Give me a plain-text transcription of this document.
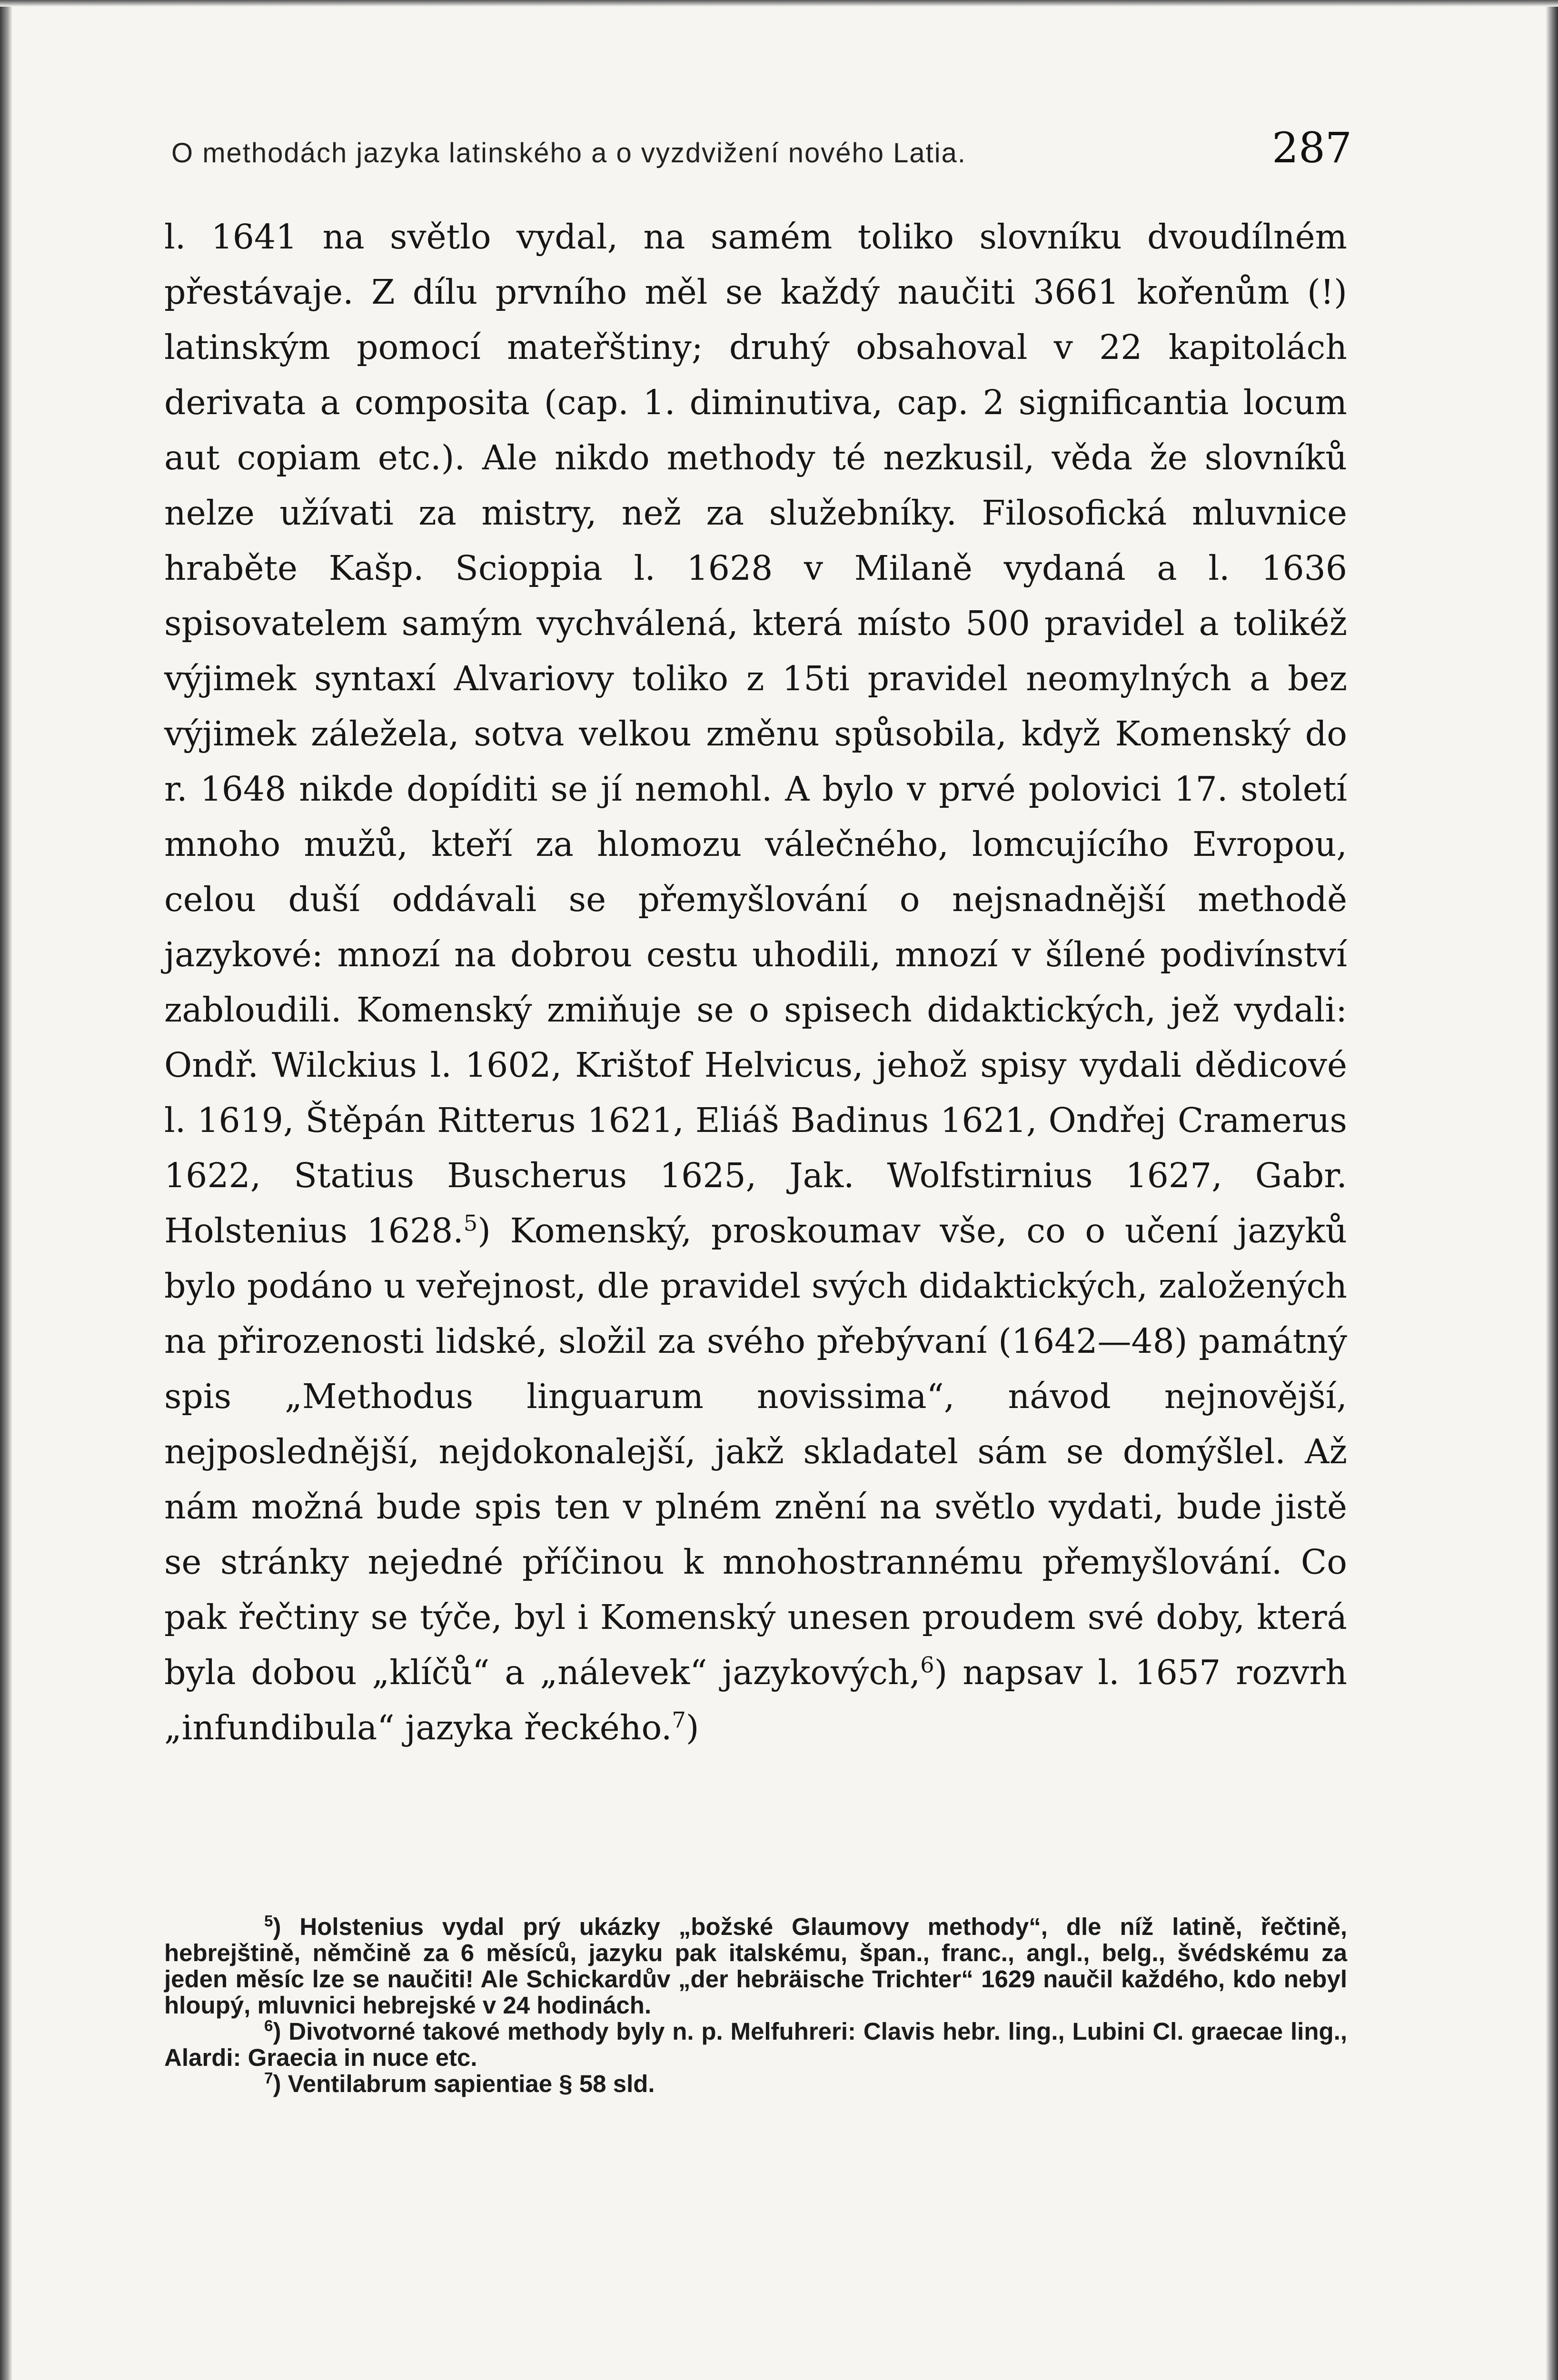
O methodách jazyka latinského a o vyzdvižení nového Latia.	287

l. 1641 na světlo vydal, na samém toliko slovníku dvoudílném přestávaje. Z dílu prvního měl se každý naučiti 3661 kořenům (!) latinským pomocí mateřštiny; druhý obsahoval v 22 kapitolách derivata a composita (cap. 1. diminutiva, cap. 2 significantia locum aut copiam etc.). Ale nikdo methody té nezkusil, věda že slovníků nelze užívati za mistry, než za služebníky. Filosofická mluvnice hraběte Kašp. Scioppia l. 1628 v Milaně vydaná a l. 1636 spisovatelem samým vychválená, která místo 500 pravidel a tolikéž výjimek syntaxí Alvariovy toliko z 15ti pravidel neomylných a bez výjimek záležela, sotva velkou změnu spůsobila, když Komenský do r. 1648 nikde dopíditi se jí nemohl. A bylo v prvé polovici 17. století mnoho mužů, kteří za hlomozu válečného, lomcujícího Evropou, celou duší oddávali se přemyšlování o nejsnadnější methodě jazykové: mnozí na dobrou cestu uhodili, mnozí v šílené podivínství zabloudili. Komenský zmiňuje se o spisech didaktických, jež vydali: Ondř. Wilckius l. 1602, Krištof Helvicus, jehož spisy vydali dědicové l. 1619, Štěpán Ritterus 1621, Eliáš Badinus 1621, Ondřej Cramerus 1622, Statius Buscherus 1625, Jak. Wolfstirnius 1627, Gabr. Holstenius 1628.$^5$) Komenský, proskoumav vše, co o učení jazyků bylo podáno u veřejnost, dle pravidel svých didaktických, založených na přirozenosti lidské, složil za svého přebývaní (1642—48) památný spis „Methodus linguarum novissima“, návod nejnovější, nejposlednější, nejdokonalejší, jakž skladatel sám se domýšlel. Až nám možná bude spis ten v plném znění na světlo vydati, bude jistě se stránky nejedné příčinou k mnohostrannému přemyšlování. Co pak řečtiny se týče, byl i Komenský unesen proudem své doby, která byla dobou „klíčů“ a „nálevek“ jazykových,$^6$) napsav l. 1657 rozvrh „infundibula“ jazyka řeckého.$^7$)

$^5$) Holstenius vydal prý ukázky „božské Glaumovy methody“, dle níž latině, řečtině, hebrejštině, němčině za 6 měsíců, jazyku pak italskému, špan., franc., angl., belg., švédskému za jeden měsíc lze se naučiti! Ale Schickardův „der hebräische Trichter“ 1629 naučil každého, kdo nebyl hloupý, mluvnici hebrejské v 24 hodinách.

$^6$) Divotvorné takové methody byly n. p. Melfuhreri: Clavis hebr. ling., Lubini Cl. graecae ling., Alardi: Graecia in nuce etc.

$^7$) Ventilabrum sapientiae § 58 sld.
